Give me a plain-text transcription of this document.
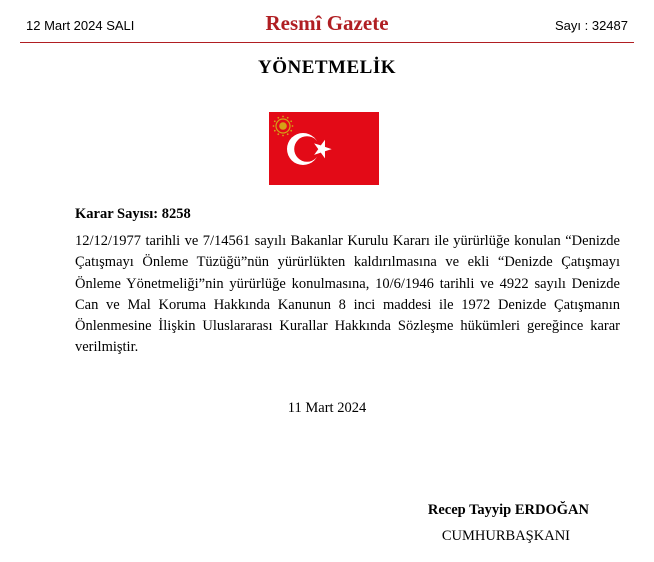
12 Mart 2024 SALI	Resmî Gazete	Sayı : 32487
YÖNETMELİK
Karar Sayısı: 8258
12/12/1977 tarihli ve 7/14561 sayılı Bakanlar Kurulu Kararı ile yürürlüğe konulan “Denizde Çatışmayı Önleme Tüzüğü”nün yürürlükten kaldırılmasına ve ekli “Denizde Çatışmayı Önleme Yönetmeliği”nin yürürlüğe konulmasına, 10/6/1946 tarihli ve 4922 sayılı Denizde Can ve Mal Koruma Hakkında Kanunun 8 inci maddesi ile 1972 Denizde Çatışmanın Önlenmesine İlişkin Uluslararası Kurallar Hakkında Sözleşme hükümleri gereğince karar verilmiştir.
11 Mart 2024
Recep Tayyip ERDOĞAN
CUMHURBAŞKANI
